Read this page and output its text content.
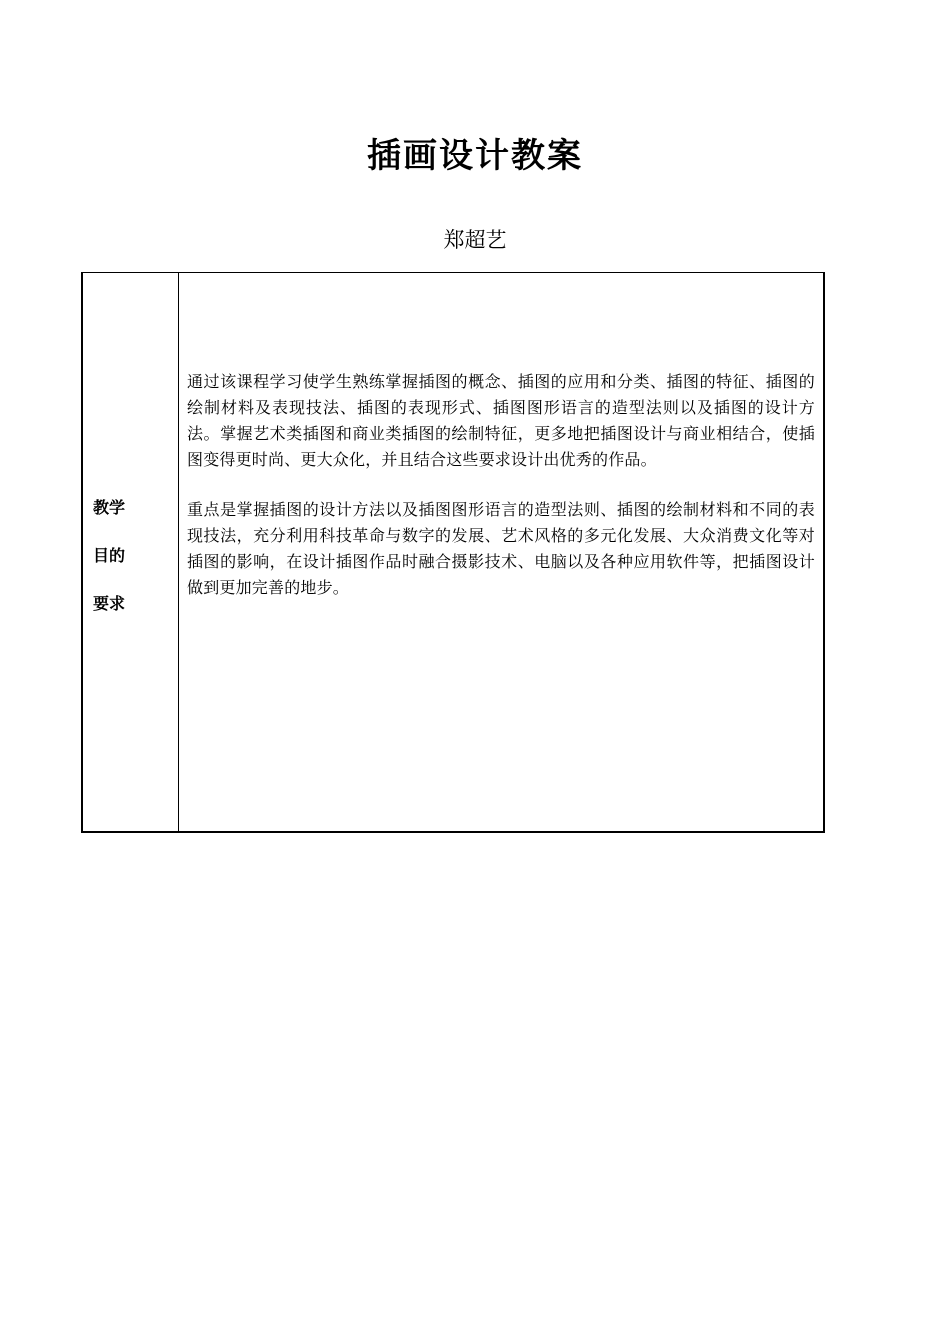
插画设计教案
郑超艺
教学
目的
要求

通过该课程学习使学生熟练掌握插图的概念、插图的应用和分类、插图的特征、插图的绘制材料及表现技法、插图的表现形式、插图图形语言的造型法则以及插图的设计方法。掌握艺术类插图和商业类插图的绘制特征，更多地把插图设计与商业相结合，使插图变得更时尚、更大众化，并且结合这些要求设计出优秀的作品。

重点是掌握插图的设计方法以及插图图形语言的造型法则、插图的绘制材料和不同的表现技法，充分利用科技革命与数字的发展、艺术风格的多元化发展、大众消费文化等对插图的影响，在设计插图作品时融合摄影技术、电脑以及各种应用软件等，把插图设计做到更加完善的地步。
